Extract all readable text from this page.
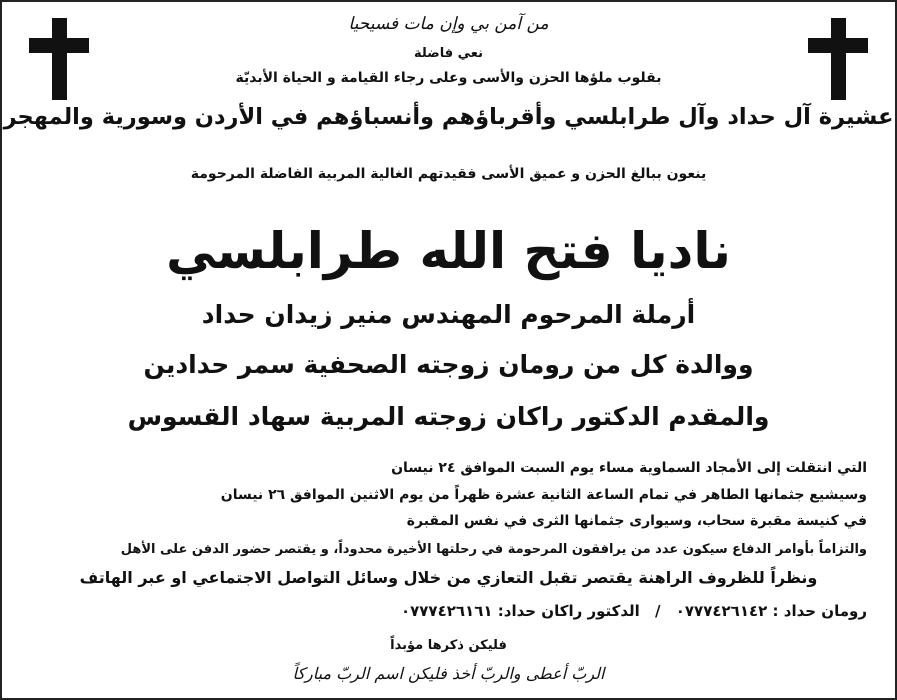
من آمن بي وإن مات فسيحيا
نعي فاضلة
بقلوب ملؤها الحزن والأسى وعلى رجاء القيامة و الحياة الأبديّة
عشيرة آل حداد وآل طرابلسي وأقرباؤهم وأنسباؤهم في الأردن وسورية والمهجر
ينعون ببالغ الحزن و عميق الأسى فقيدتهم الغالية المربية الفاضلة المرحومة
ناديا فتح الله طرابلسي
أرملة المرحوم المهندس منير زيدان حداد
ووالدة كل من رومان زوجته الصحفية سمر حدادين
والمقدم الدكتور راكان زوجته المربية سهاد القسوس
التي انتقلت إلى الأمجاد السماوية مساء يوم السبت الموافق ٢٤ نيسان
وسيشيع جثمانها الطاهر في تمام الساعة الثانية عشرة ظهراً من يوم الاثنين الموافق ٢٦ نيسان
في كنيسة مقبرة سحاب، وسيوارى جثمانها الثرى في نفس المقبرة
والتزاماً بأوامر الدفاع سيكون عدد من يرافقون المرحومة في رحلتها الأخيرة محدوداً، و يقتصر حضور الدفن على الأهل
ونظراً للظروف الراهنة يقتصر تقبل التعازي من خلال وسائل التواصل الاجتماعي او عبر الهاتف
رومان حداد : ٠٧٧٧٤٢٦١٤٢ / الدكتور راكان حداد: ٠٧٧٧٤٢٦١٦١
فليكن ذكرها مؤبداً
الربّ أعطى والربّ أخذ فليكن اسم الربّ مباركاً
